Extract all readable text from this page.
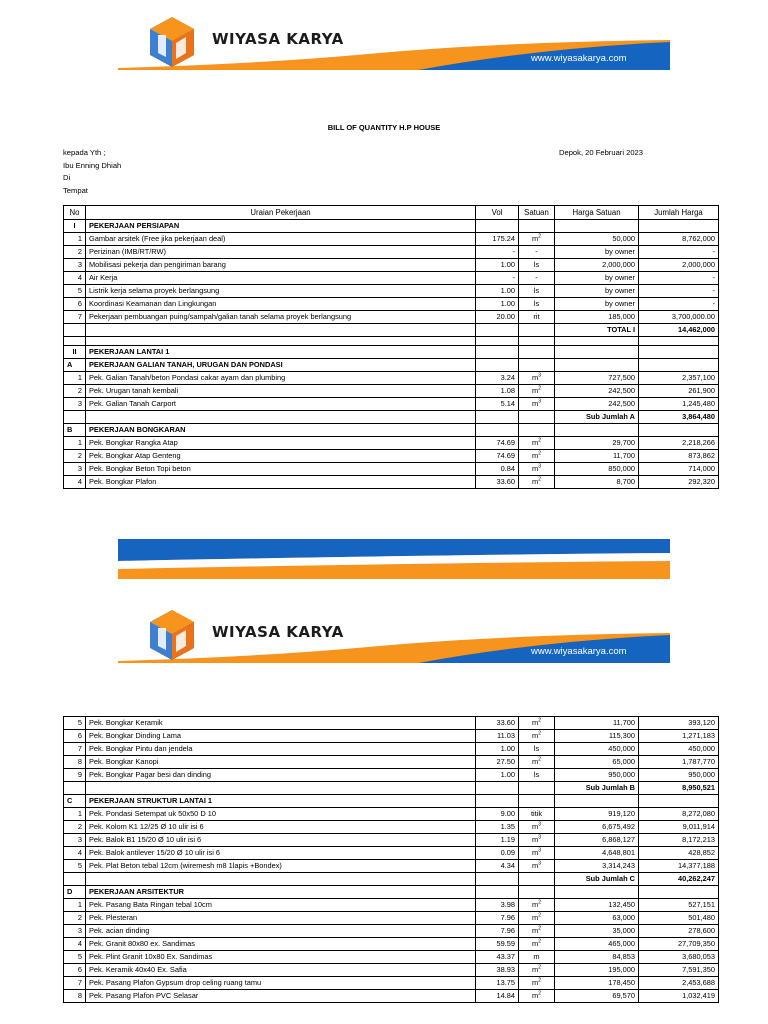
WIYASA KARYA
www.wiyasakarya.com
BILL OF QUANTITY H.P HOUSE
kepada Yth ;
Ibu Enning Dhiah
Di
Tempat
Depok, 20 Februari 2023
No	Uraian Pekerjaan	Vol	Satuan	Harga Satuan	Jumlah Harga
I	PEKERJAAN PERSIAPAN				
1	Gambar arsitek (Free jika pekerjaan deal)	175.24	$m^2$	50,000	8,762,000
2	Perizinan (IMB/RT/RW)	-	-	by owner	-
3	Mobilisasi pekerja dan pengiriman barang	1.00	ls	2,000,000	2,000,000
4	Air Kerja	-	-	by owner	-
5	Listrik kerja selama proyek berlangsung	1.00	ls	by owner	-
6	Koordinasi Keamanan dan Lingkungan	1.00	ls	by owner	-
7	Pekerjaan pembuangan puing/sampah/galian tanah selama proyek berlangsung	20.00	rit	185,000	3,700,000.00
				TOTAL I	14,462,000

II	PEKERJAAN LANTAI 1				
A	PEKERJAAN GALIAN TANAH, URUGAN DAN PONDASI				
1	Pek. Galian Tanah/beton Pondasi cakar ayam dan plumbing	3.24	$m^3$	727,500	2,357,100
2	Pek. Urugan tanah kembali	1.08	$m^2$	242,500	261,900
3	Pek. Galian Tanah Carport	5.14	$m^3$	242,500	1,245,480
				Sub Jumlah A	3,864,480
B	PEKERJAAN BONGKARAN				
1	Pek. Bongkar Rangka Atap	74.69	$m^2$	29,700	2,218,266
2	Pek. Bongkar Atap Genteng	74.69	$m^2$	11,700	873,862
3	Pek. Bongkar Beton Topi beton	0.84	$m^3$	850,000	714,000
4	Pek. Bongkar Plafon	33.60	$m^2$	8,700	292,320
WIYASA KARYA
www.wiyasakarya.com
5	Pek. Bongkar Keramik	33.60	$m^2$	11,700	393,120
6	Pek. Bongkar Dinding Lama	11.03	$m^2$	115,300	1,271,183
7	Pek. Bongkar Pintu dan jendela	1.00	ls	450,000	450,000
8	Pek. Bongkar Kanopi	27.50	$m^2$	65,000	1,787,770
9	Pek. Bongkar Pagar besi dan dinding	1.00	ls	950,000	950,000
				Sub Jumlah B	8,950,521
C	PEKERJAAN STRUKTUR LANTAI 1				
1	Pek. Pondasi Setempat uk 50x50 D 10	9.00	titik	919,120	8,272,080
2	Pek. Kolom K1 12/25 Ø 10 ulir isi 6	1.35	$m^3$	6,675,492	9,011,914
3	Pek. Balok B1 15/20 Ø 10 ulir isi 6	1.19	$m^3$	6,868,127	8,172,213
4	Pek. Balok antilever 15/20 Ø 10 ulir isi 6	0.09	$m^3$	4,648,801	428,852
5	Pek. Plat Beton tebal 12cm (wiremesh m8 1lapis +Bondex)	4.34	$m^3$	3,314,243	14,377,188
				Sub Jumlah C	40,262,247
D	PEKERJAAN ARSITEKTUR				
1	Pek. Pasang Bata Ringan tebal 10cm	3.98	$m^2$	132,450	527,151
2	Pek. Plesteran	7.96	$m^2$	63,000	501,480
3	Pek. acian dinding	7.96	$m^2$	35,000	278,600
4	Pek. Granit 80x80 ex. Sandimas	59.59	$m^2$	465,000	27,709,350
5	Pek. Plint Granit 10x80 Ex. Sandimas	43.37	m	84,853	3,680,053
6	Pek. Keramik 40x40 Ex. Safia	38.93	$m^2$	195,000	7,591,350
7	Pek. Pasang Plafon Gypsum drop celing ruang tamu	13.75	$m^2$	178,450	2,453,688
8	Pek. Pasang Plafon PVC Selasar	14.84	$m^2$	69,570	1,032,419
